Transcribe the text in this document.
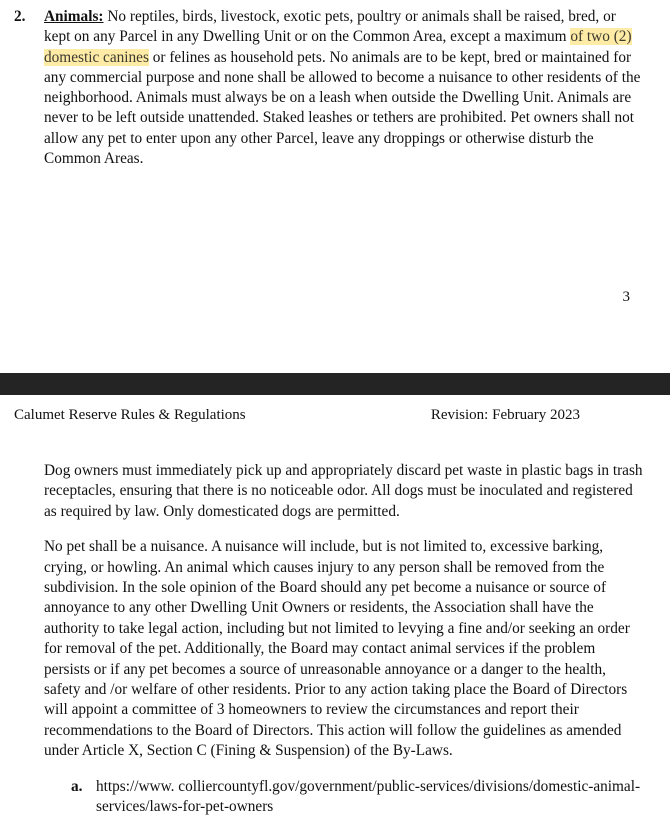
2.	Animals: No reptiles, birds, livestock, exotic pets, poultry or animals shall be raised, bred, or kept on any Parcel in any Dwelling Unit or on the Common Area, except a maximum of two (2) domestic canines or felines as household pets. No animals are to be kept, bred or maintained for any commercial purpose and none shall be allowed to become a nuisance to other residents of the neighborhood. Animals must always be on a leash when outside the Dwelling Unit. Animals are never to be left outside unattended. Staked leashes or tethers are prohibited. Pet owners shall not allow any pet to enter upon any other Parcel, leave any droppings or otherwise disturb the Common Areas.
3
Calumet Reserve Rules & Regulations	Revision: February 2023

Dog owners must immediately pick up and appropriately discard pet waste in plastic bags in trash receptacles, ensuring that there is no noticeable odor. All dogs must be inoculated and registered as required by law. Only domesticated dogs are permitted.

No pet shall be a nuisance. A nuisance will include, but is not limited to, excessive barking, crying, or howling. An animal which causes injury to any person shall be removed from the subdivision. In the sole opinion of the Board should any pet become a nuisance or source of annoyance to any other Dwelling Unit Owners or residents, the Association shall have the authority to take legal action, including but not limited to levying a fine and/or seeking an order for removal of the pet. Additionally, the Board may contact animal services if the problem persists or if any pet becomes a source of unreasonable annoyance or a danger to the health, safety and /or welfare of other residents. Prior to any action taking place the Board of Directors will appoint a committee of 3 homeowners to review the circumstances and report their recommendations to the Board of Directors. This action will follow the guidelines as amended under Article X, Section C (Fining & Suspension) of the By-Laws.

a. https://www. colliercountyfl.gov/government/public-services/divisions/domestic-animal-services/laws-for-pet-owners
